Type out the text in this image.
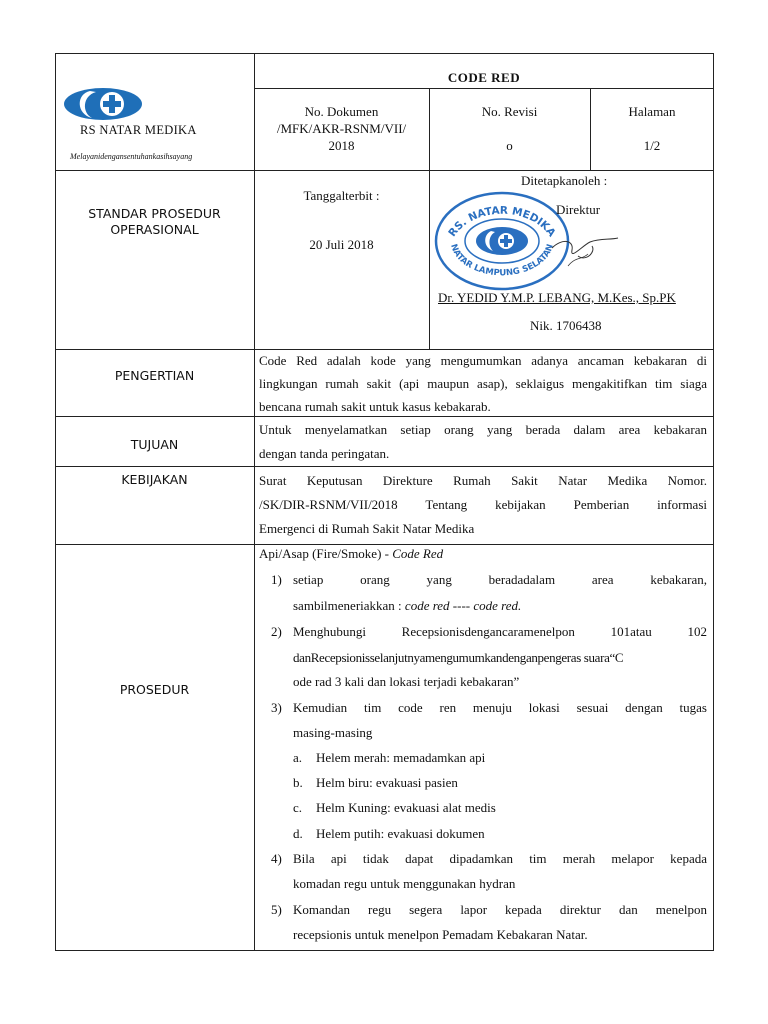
RS NATAR MEDIKA
Melayanidengansentuhankasihsayang
CODE RED
No. Dokumen
/MFK/AKR-RSNM/VII/
2018
No. Revisi
o
Halaman
1/2
STANDAR PROSEDUR
OPERASIONAL
Tanggalterbit :
20 Juli 2018
Ditetapkanoleh :
RS. NATAR MEDIKA
NATAR LAMPUNG SELATAN
Direktur
Dr. YEDID Y.M.P. LEBANG, M.Kes., Sp.PK
Nik. 1706438
PENGERTIAN
Code Red adalah kode yang mengumumkan adanya ancaman kebakaran di
lingkungan rumah sakit (api maupun asap), seklaigus mengakitifkan tim siaga
bencana rumah sakit untuk kasus kebakarab.
TUJUAN
Untuk menyelamatkan setiap orang yang berada dalam area kebakaran
dengan tanda peringatan.
KEBIJAKAN	Surat Keputusan Direkture Rumah Sakit Natar Medika Nomor.
/SK/DIR-RSNM/VII/2018 Tentang kebijakan Pemberian informasi
Emergenci di Rumah Sakit Natar Medika
PROSEDUR
Api/Asap (Fire/Smoke) - Code Red
1) setiap orang yang beradadalam area kebakaran,
sambilmeneriakkan : code red ---- code red.
2) Menghubungi Recepsionisdengancaramenelpon 101atau 102
danRecepsionisselanjutnyamengumumkandenganpengeras suara“C
ode rad 3 kali dan lokasi terjadi kebakaran”
3) Kemudian tim code ren menuju lokasi sesuai dengan tugas
masing-masing
a. Helem merah: memadamkan api
b. Helm biru: evakuasi pasien
c. Helm Kuning: evakuasi alat medis
d. Helem putih: evakuasi dokumen
4) Bila api tidak dapat dipadamkan tim merah melapor kepada
komadan regu untuk menggunakan hydran
5) Komandan regu segera lapor kepada direktur dan menelpon
recepsionis untuk menelpon Pemadam Kebakaran Natar.
